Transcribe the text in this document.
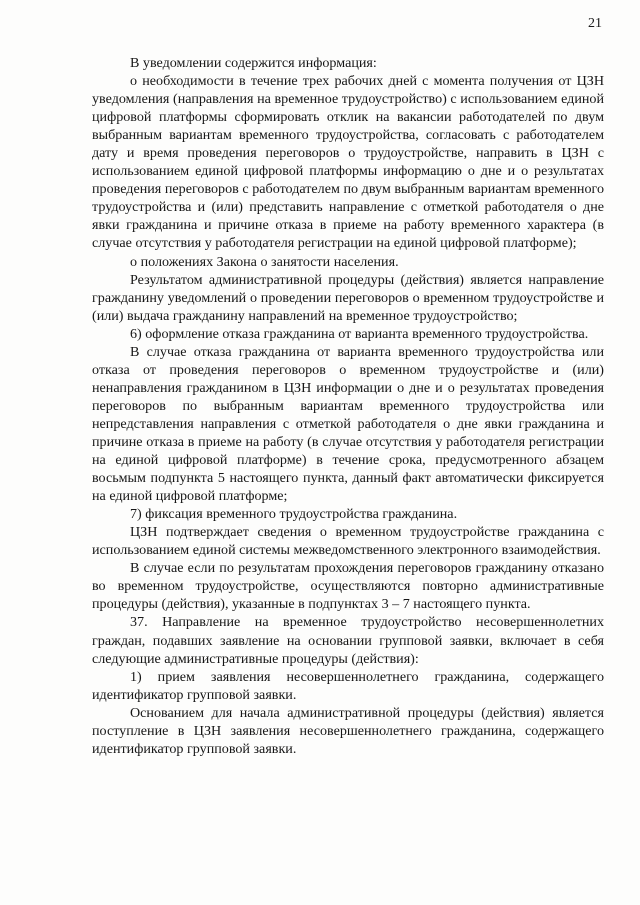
21

В уведомлении содержится информация:

о необходимости в течение трех рабочих дней с момента получения от ЦЗН уведомления (направления на временное трудоустройство) с использованием единой цифровой платформы сформировать отклик на вакансии работодателей по двум выбранным вариантам временного трудоустройства, согласовать с работодателем дату и время проведения переговоров о трудоустройстве, направить в ЦЗН с использованием единой цифровой платформы информацию о дне и о результатах проведения переговоров с работодателем по двум выбранным вариантам временного трудоустройства и (или) представить направление с отметкой работодателя о дне явки гражданина и причине отказа в приеме на работу временного характера (в случае отсутствия у работодателя регистрации на единой цифровой платформе);

о положениях Закона о занятости населения.

Результатом административной процедуры (действия) является направление гражданину уведомлений о проведении переговоров о временном трудоустройстве и (или) выдача гражданину направлений на временное трудоустройство;

6) оформление отказа гражданина от варианта временного трудоустройства.

В случае отказа гражданина от варианта временного трудоустройства или отказа от проведения переговоров о временном трудоустройстве и (или) ненаправления гражданином в ЦЗН информации о дне и о результатах проведения переговоров по выбранным вариантам временного трудоустройства или непредставления направления с отметкой работодателя о дне явки гражданина и причине отказа в приеме на работу (в случае отсутствия у работодателя регистрации на единой цифровой платформе) в течение срока, предусмотренного абзацем восьмым подпункта 5 настоящего пункта, данный факт автоматически фиксируется на единой цифровой платформе;

7) фиксация временного трудоустройства гражданина.

ЦЗН подтверждает сведения о временном трудоустройстве гражданина с использованием единой системы межведомственного электронного взаимодействия.

В случае если по результатам прохождения переговоров гражданину отказано во временном трудоустройстве, осуществляются повторно административные процедуры (действия), указанные в подпунктах 3 – 7 настоящего пункта.

37. Направление на временное трудоустройство несовершеннолетних граждан, подавших заявление на основании групповой заявки, включает в себя следующие административные процедуры (действия):

1) прием заявления несовершеннолетнего гражданина, содержащего идентификатор групповой заявки.

Основанием для начала административной процедуры (действия) является поступление в ЦЗН заявления несовершеннолетнего гражданина, содержащего идентификатор групповой заявки.
